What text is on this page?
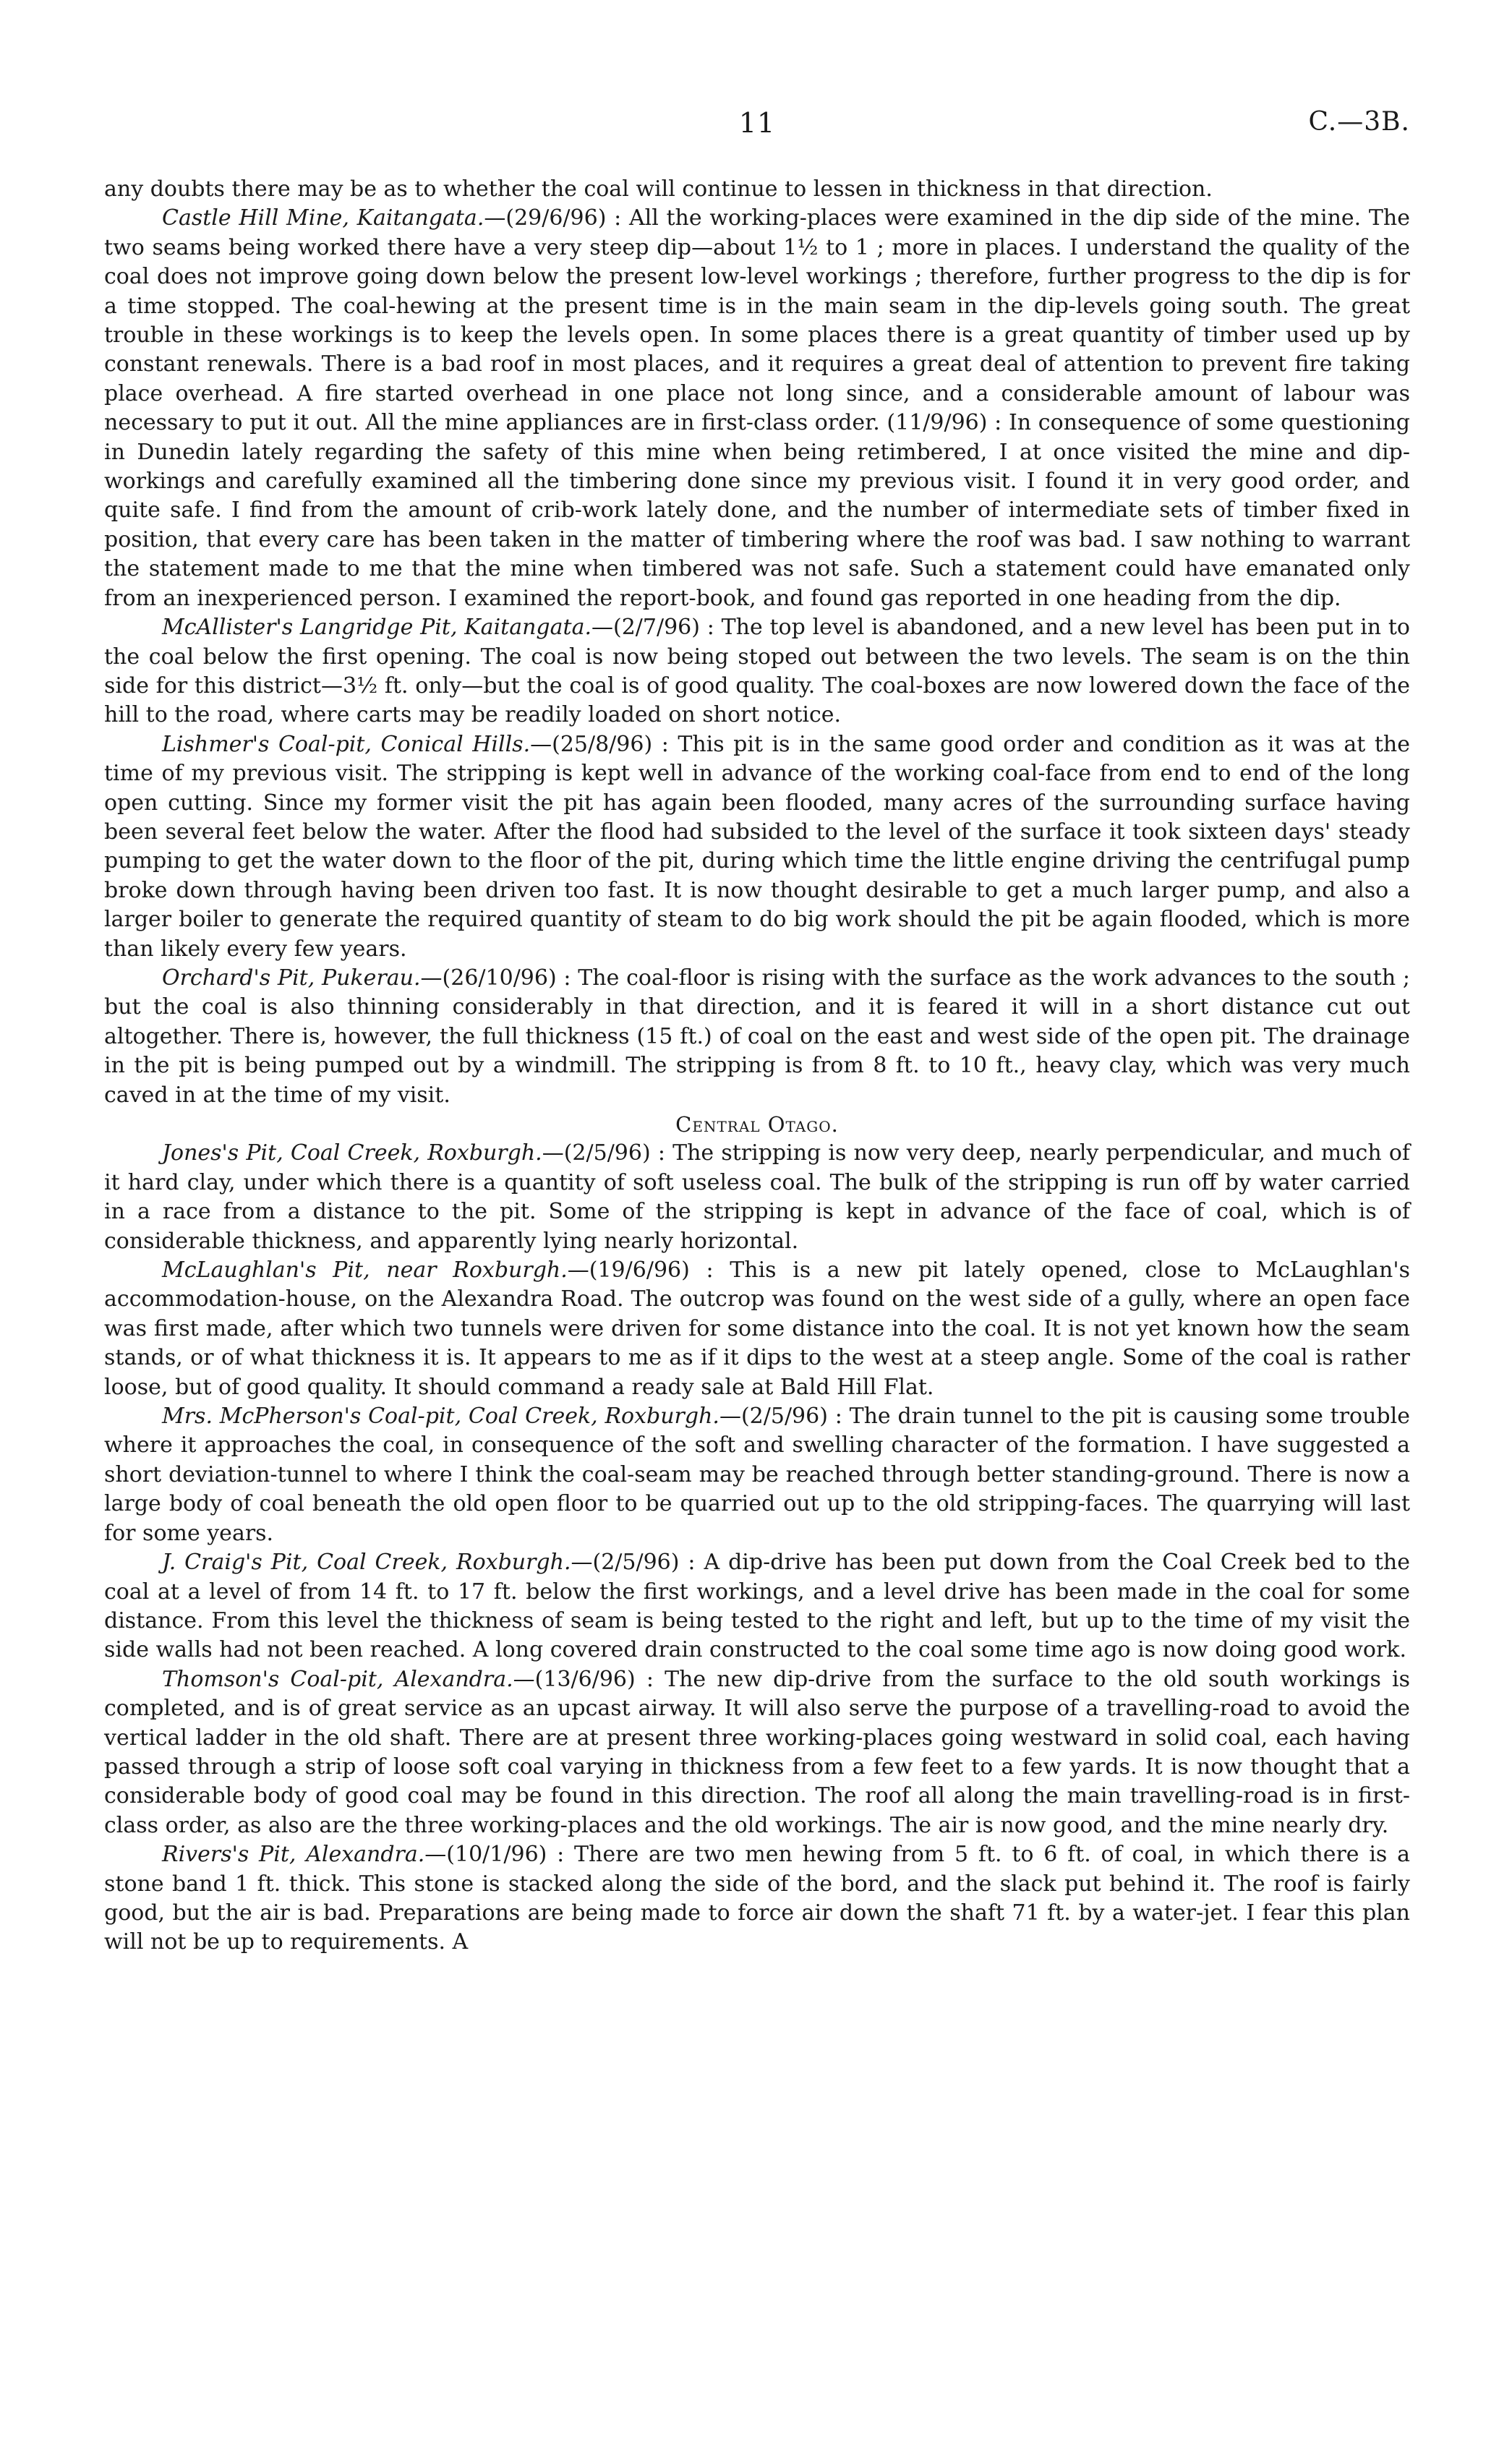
11	C.—3B.

any doubts there may be as to whether the coal will continue to lessen in thickness in that direction.

Castle Hill Mine, Kaitangata.—(29/6/96) : All the working-places were examined in the dip side of the mine. The two seams being worked there have a very steep dip—about 1½ to 1 ; more in places. I understand the quality of the coal does not improve going down below the present low-level workings ; therefore, further progress to the dip is for a time stopped. The coal-hewing at the present time is in the main seam in the dip-levels going south. The great trouble in these workings is to keep the levels open. In some places there is a great quantity of timber used up by constant renewals. There is a bad roof in most places, and it requires a great deal of attention to prevent fire taking place overhead. A fire started overhead in one place not long since, and a considerable amount of labour was necessary to put it out. All the mine appliances are in first-class order. (11/9/96) : In consequence of some questioning in Dunedin lately regarding the safety of this mine when being retimbered, I at once visited the mine and dip-workings and carefully examined all the timbering done since my previous visit. I found it in very good order, and quite safe. I find from the amount of crib-work lately done, and the number of intermediate sets of timber fixed in position, that every care has been taken in the matter of timbering where the roof was bad. I saw nothing to warrant the statement made to me that the mine when timbered was not safe. Such a statement could have emanated only from an inexperienced person. I examined the report-book, and found gas reported in one heading from the dip.

McAllister's Langridge Pit, Kaitangata.—(2/7/96) : The top level is abandoned, and a new level has been put in to the coal below the first opening. The coal is now being stoped out between the two levels. The seam is on the thin side for this district—3½ ft. only—but the coal is of good quality. The coal-boxes are now lowered down the face of the hill to the road, where carts may be readily loaded on short notice.

Lishmer's Coal-pit, Conical Hills.—(25/8/96) : This pit is in the same good order and condition as it was at the time of my previous visit. The stripping is kept well in advance of the working coal-face from end to end of the long open cutting. Since my former visit the pit has again been flooded, many acres of the surrounding surface having been several feet below the water. After the flood had subsided to the level of the surface it took sixteen days' steady pumping to get the water down to the floor of the pit, during which time the little engine driving the centrifugal pump broke down through having been driven too fast. It is now thought desirable to get a much larger pump, and also a larger boiler to generate the required quantity of steam to do big work should the pit be again flooded, which is more than likely every few years.

Orchard's Pit, Pukerau.—(26/10/96) : The coal-floor is rising with the surface as the work advances to the south ; but the coal is also thinning considerably in that direction, and it is feared it will in a short distance cut out altogether. There is, however, the full thickness (15 ft.) of coal on the east and west side of the open pit. The drainage in the pit is being pumped out by a windmill. The stripping is from 8 ft. to 10 ft., heavy clay, which was very much caved in at the time of my visit.

Central Otago.

Jones's Pit, Coal Creek, Roxburgh.—(2/5/96) : The stripping is now very deep, nearly perpendicular, and much of it hard clay, under which there is a quantity of soft useless coal. The bulk of the stripping is run off by water carried in a race from a distance to the pit. Some of the stripping is kept in advance of the face of coal, which is of considerable thickness, and apparently lying nearly horizontal.

McLaughlan's Pit, near Roxburgh.—(19/6/96) : This is a new pit lately opened, close to McLaughlan's accommodation-house, on the Alexandra Road. The outcrop was found on the west side of a gully, where an open face was first made, after which two tunnels were driven for some distance into the coal. It is not yet known how the seam stands, or of what thickness it is. It appears to me as if it dips to the west at a steep angle. Some of the coal is rather loose, but of good quality. It should command a ready sale at Bald Hill Flat.

Mrs. McPherson's Coal-pit, Coal Creek, Roxburgh.—(2/5/96) : The drain tunnel to the pit is causing some trouble where it approaches the coal, in consequence of the soft and swelling character of the formation. I have suggested a short deviation-tunnel to where I think the coal-seam may be reached through better standing-ground. There is now a large body of coal beneath the old open floor to be quarried out up to the old stripping-faces. The quarrying will last for some years.

J. Craig's Pit, Coal Creek, Roxburgh.—(2/5/96) : A dip-drive has been put down from the Coal Creek bed to the coal at a level of from 14 ft. to 17 ft. below the first workings, and a level drive has been made in the coal for some distance. From this level the thickness of seam is being tested to the right and left, but up to the time of my visit the side walls had not been reached. A long covered drain constructed to the coal some time ago is now doing good work.

Thomson's Coal-pit, Alexandra.—(13/6/96) : The new dip-drive from the surface to the old south workings is completed, and is of great service as an upcast airway. It will also serve the purpose of a travelling-road to avoid the vertical ladder in the old shaft. There are at present three working-places going westward in solid coal, each having passed through a strip of loose soft coal varying in thickness from a few feet to a few yards. It is now thought that a considerable body of good coal may be found in this direction. The roof all along the main travelling-road is in first-class order, as also are the three working-places and the old workings. The air is now good, and the mine nearly dry.

Rivers's Pit, Alexandra.—(10/1/96) : There are two men hewing from 5 ft. to 6 ft. of coal, in which there is a stone band 1 ft. thick. This stone is stacked along the side of the bord, and the slack put behind it. The roof is fairly good, but the air is bad. Preparations are being made to force air down the shaft 71 ft. by a water-jet. I fear this plan will not be up to requirements. A
